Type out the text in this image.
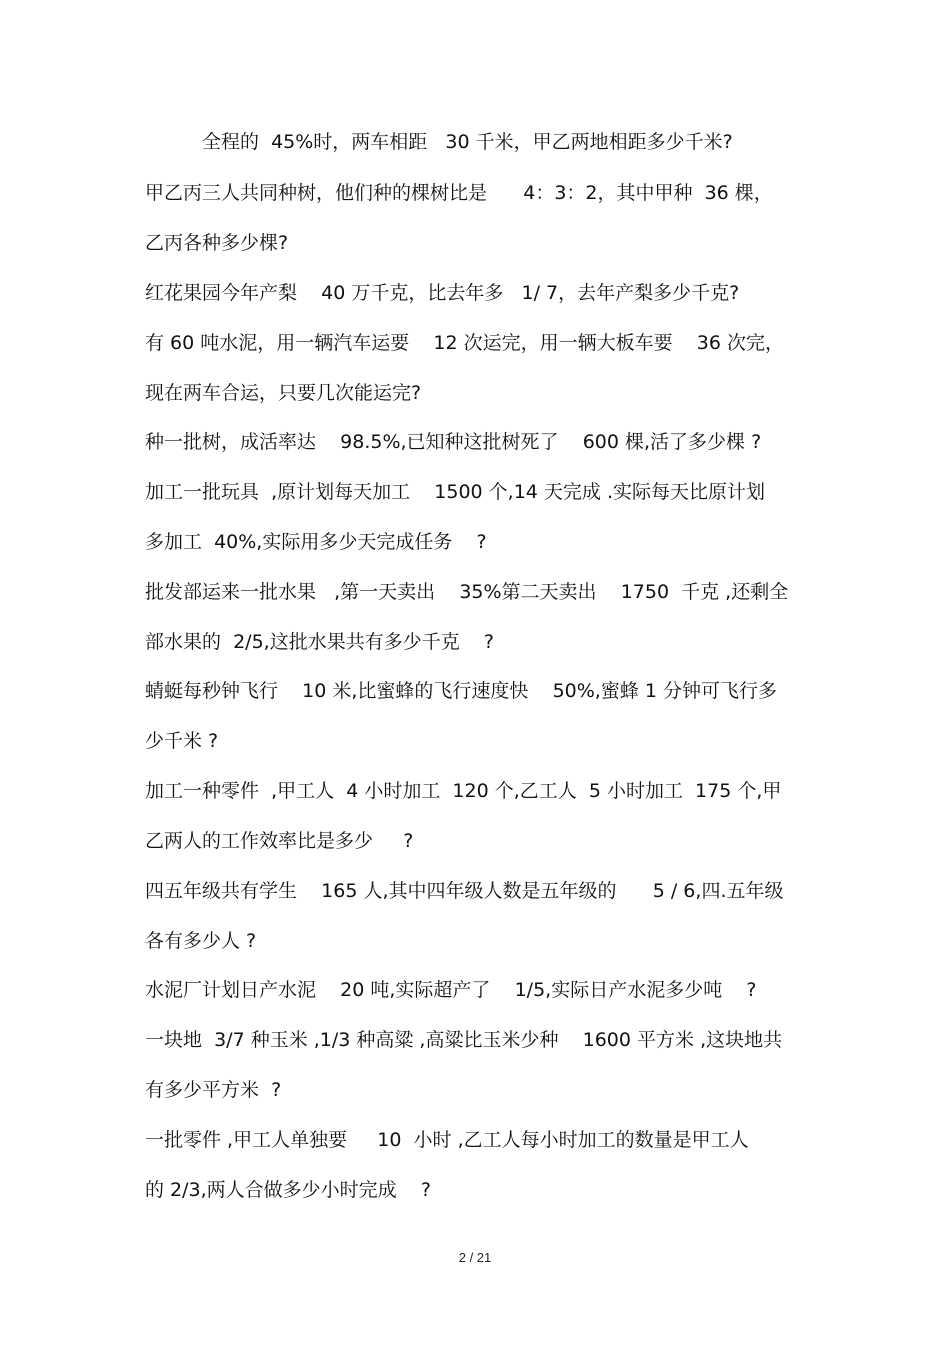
全程的  45%时，两车相距   30 千米，甲乙两地相距多少千米?
甲乙丙三人共同种树，他们种的棵树比是      4：3：2，其中甲种  36 棵，
乙丙各种多少棵?
红花果园今年产梨    40 万千克，比去年多   1/ 7，去年产梨多少千克?
有 60 吨水泥，用一辆汽车运要    12 次运完，用一辆大板车要    36 次完，
现在两车合运，只要几次能运完?
种一批树，成活率达    98.5%,已知种这批树死了    600 棵,活了多少棵 ?
加工一批玩具  ,原计划每天加工    1500 个,14 天完成 .实际每天比原计划
多加工  40%,实际用多少天完成任务    ?
批发部运来一批水果   ,第一天卖出    35%第二天卖出    1750  千克 ,还剩全
部水果的  2/5,这批水果共有多少千克    ?
蜻蜓每秒钟飞行    10 米,比蜜蜂的飞行速度快    50%,蜜蜂 1 分钟可飞行多
少千米 ?
加工一种零件  ,甲工人  4 小时加工  120 个,乙工人  5 小时加工  175 个,甲
乙两人的工作效率比是多少     ?
四五年级共有学生    165 人,其中四年级人数是五年级的      5 / 6,四.五年级
各有多少人 ?
水泥厂计划日产水泥    20 吨,实际超产了    1/5,实际日产水泥多少吨    ?
一块地  3/7 种玉米 ,1/3 种高粱 ,高粱比玉米少种    1600 平方米 ,这块地共
有多少平方米  ?
一批零件 ,甲工人单独要     10  小时 ,乙工人每小时加工的数量是甲工人
的 2/3,两人合做多少小时完成    ?
2 / 21
